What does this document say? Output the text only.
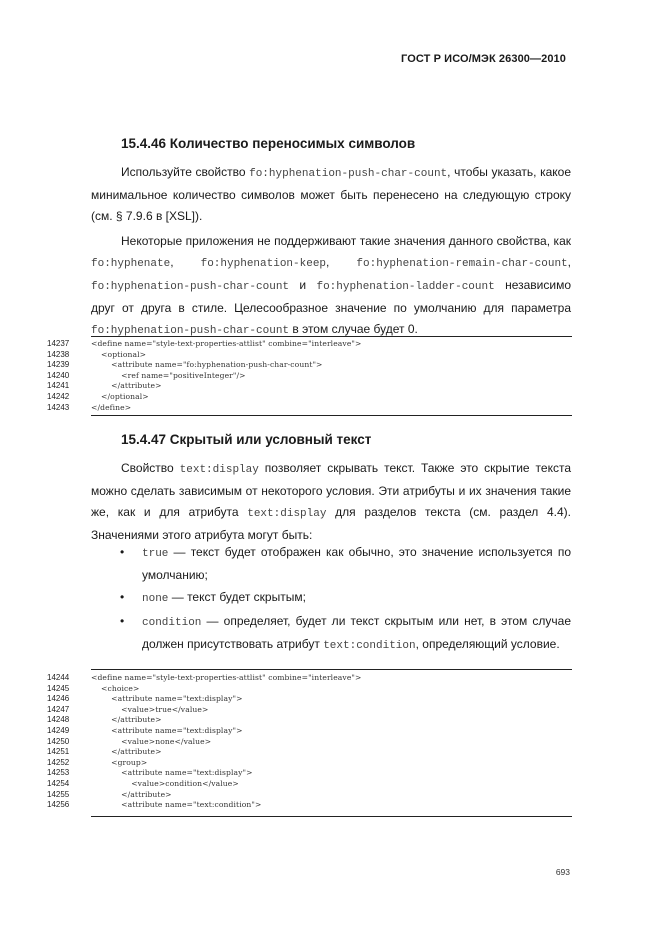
ГОСТ Р ИСО/МЭК 26300—2010
15.4.46 Количество переносимых символов

Используйте свойство fo:hyphenation-push-char-count, чтобы указать, какое минимальное количество символов может быть перенесено на следующую строку (см. § 7.9.6 в [XSL]).

Некоторые приложения не поддерживают такие значения данного свойства, как fo:hyphenate, fo:hyphenation-keep, fo:hyphenation-remain-char-count, fo:hyphenation-push-char-count и fo:hyphenation-ladder-count независимо друг от друга в стиле. Целесообразное значение по умолчанию для параметра fo:hyphenation-push-char-count в этом случае будет 0.

14237	<define name="style-text-properties-attlist" combine="interleave">
14238	<optional>
14239	<attribute name="fo:hyphenation-push-char-count">
14240	<ref name="positiveInteger"/>
14241	</attribute>
14242	</optional>
14243	</define>
15.4.47 Скрытый или условный текст

Свойство text:display позволяет скрывать текст. Также это скрытие текста можно сделать зависимым от некоторого условия. Эти атрибуты и их значения такие же, как и для атрибута text:display для разделов текста (см. раздел 4.4). Значениями этого атрибута могут быть:

• true — текст будет отображен как обычно, это значение используется по умолчанию;
• none — текст будет скрытым;
• condition — определяет, будет ли текст скрытым или нет, в этом случае должен присутствовать атрибут text:condition, определяющий условие.
14244	<define name="style-text-properties-attlist" combine="interleave">
14245	<choice>
14246	<attribute name="text:display">
14247	<value>true</value>
14248	</attribute>
14249	<attribute name="text:display">
14250	<value>none</value>
14251	</attribute>
14252	<group>
14253	<attribute name="text:display">
14254	<value>condition</value>
14255	</attribute>
14256	<attribute name="text:condition">
693
